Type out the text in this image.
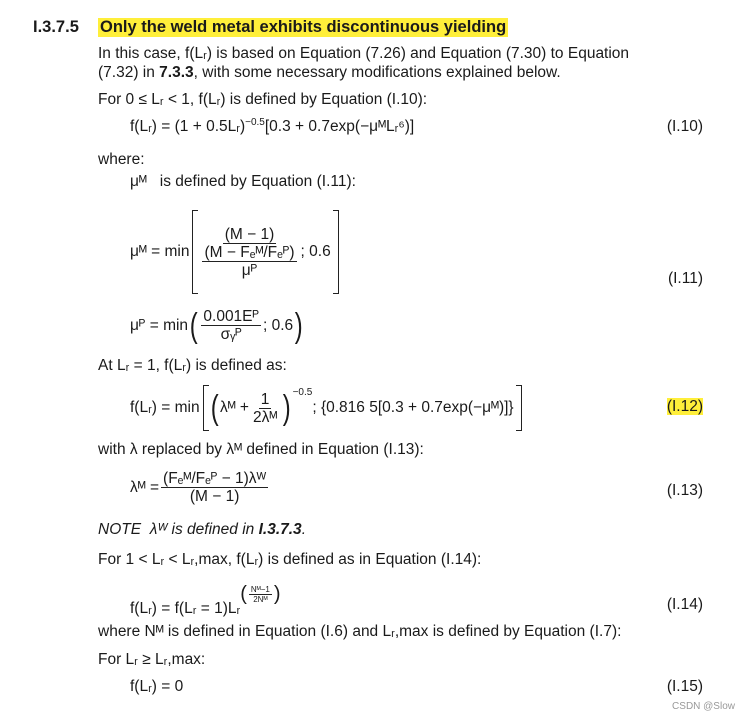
I.3.7.5 Only the weld metal exhibits discontinuous yielding
In this case, f(Lᵣ) is based on Equation (7.26) and Equation (7.30) to Equation
(7.32) in 7.3.3, with some necessary modifications explained below.
For 0 ≤ Lᵣ < 1, f(Lᵣ) is defined by Equation (I.10):
f(Lᵣ) = (1 + 0.5Lᵣ)$^{-0.5}$[0.3 + 0.7exp(−μᴹLᵣ⁶)]	(I.10)
where:
μᴹ is defined by Equation (I.11):
μᴹ = $\min \frac{(M - 1)}{\frac{\text{(M − Fₑᴹ/Fₑᴾ)}}{\text{μᴾ}}}$ ; 0.6
(I.11)
μᴾ = min ( $\frac{\text{0.001Eᴾ}}{\text{σᵧᴾ}}$ ; 0.6 )
At Lᵣ = 1, f(Lᵣ) is defined as:
f(Lᵣ) = min ( λᴹ + $\frac{1}{\text{2λᴹ}}$ ) −0.5
; {0.816 5[0.3 + 0.7exp(−μᴹ)]}	(I.12)
with λ replaced by λᴹ defined in Equation (I.13):
λᴹ = $\frac{\text{(Fₑᴹ/Fₑᴾ − 1)λᵂ}}{(M - 1)}$	(I.13)
NOTE λᵂ is defined in I.3.7.3.
For 1 < Lᵣ < Lᵣ,max, f(Lᵣ) is defined as in Equation (I.14):
f(Lᵣ) = f(Lᵣ = 1)Lᵣ
( $\frac{\text{Nᴹ−1}}{\text{2Nᴹ}}$ )	(I.14)
where Nᴹ is defined in Equation (I.6) and Lᵣ,max is defined by Equation (I.7):
For Lᵣ ≥ Lᵣ,max:
f(Lᵣ) = 0	(I.15)
CSDN @Slow
